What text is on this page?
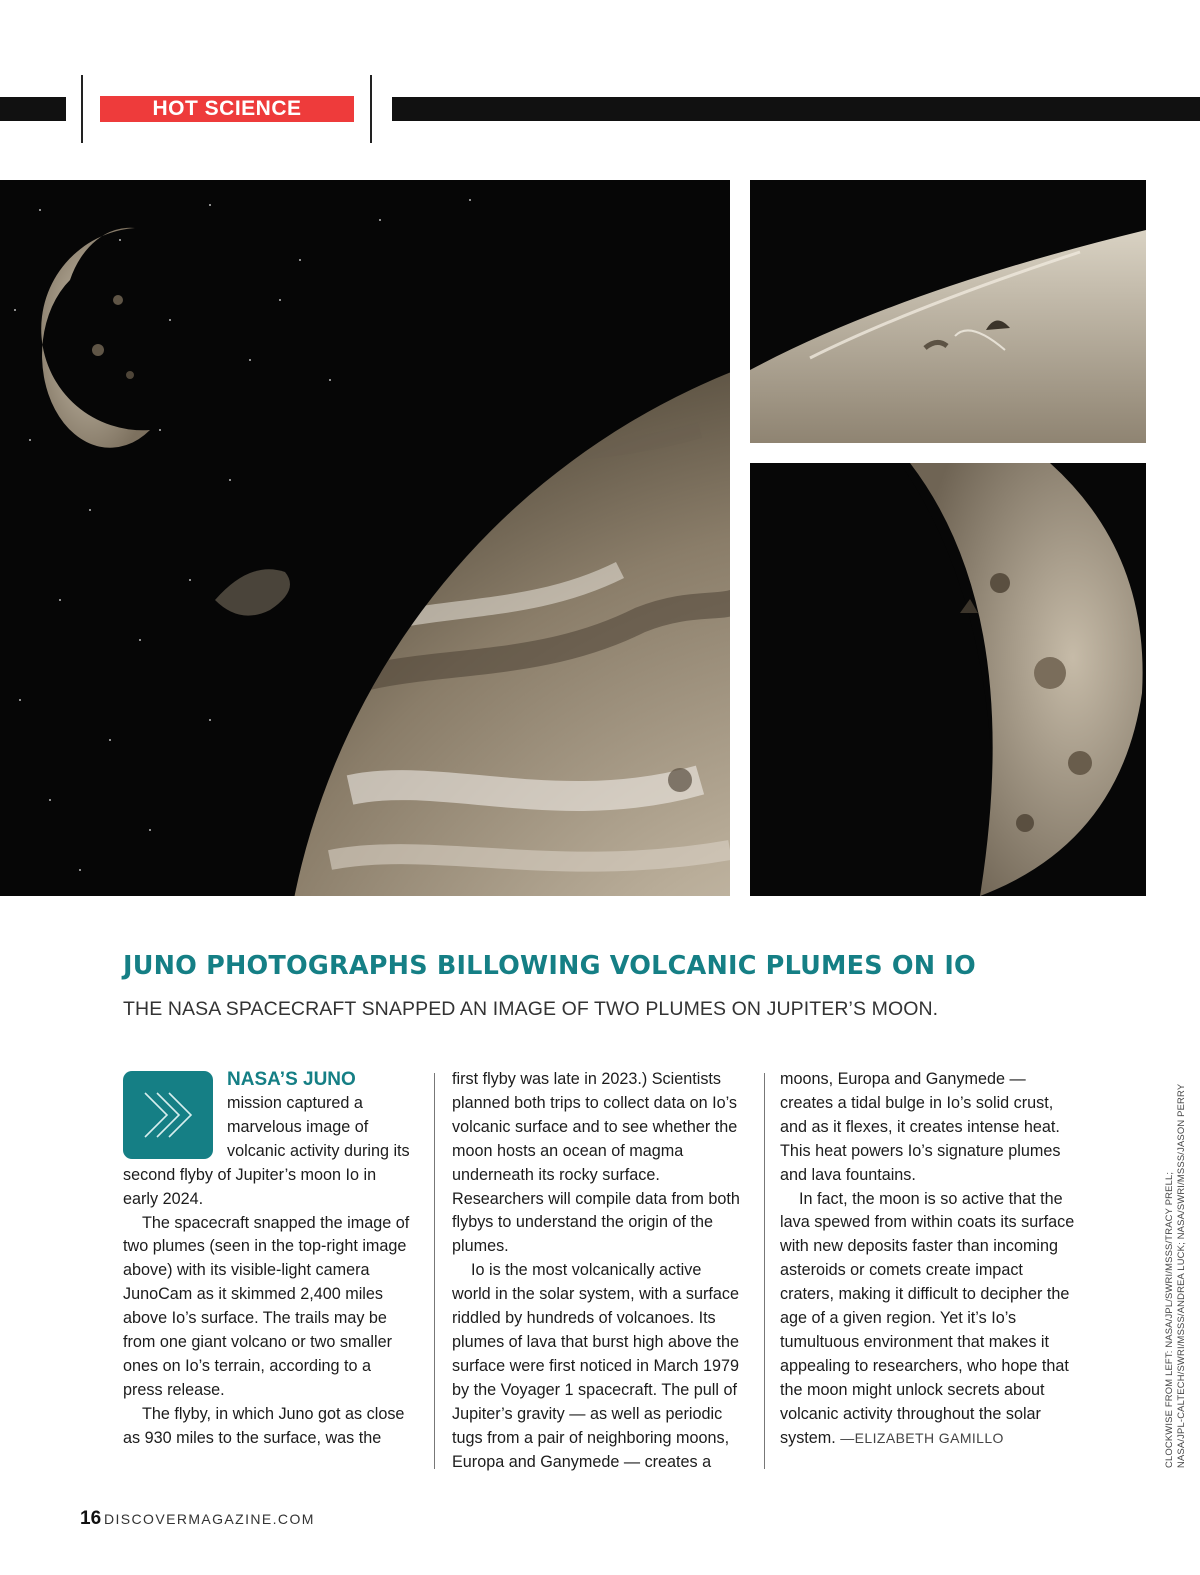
HOT SCIENCE
JUNO PHOTOGRAPHS BILLOWING VOLCANIC PLUMES ON IO

THE NASA SPACECRAFT SNAPPED AN IMAGE OF TWO PLUMES ON JUPITER’S MOON.

NASA’S JUNO
mission captured a marvelous image of volcanic activity during its second flyby of Jupiter’s moon Io in early 2024.

The spacecraft snapped the image of two plumes (seen in the top-right image above) with its visible-light camera JunoCam as it skimmed 2,400 miles above Io’s surface. The trails may be from one giant volcano or two smaller ones on Io’s terrain, according to a press release.

The flyby, in which Juno got as close as 930 miles to the surface, was the

first flyby was late in 2023.) Scientists planned both trips to collect data on Io’s volcanic surface and to see whether the moon hosts an ocean of magma underneath its rocky surface. Researchers will compile data from both flybys to understand the origin of the plumes.

Io is the most volcanically active world in the solar system, with a surface riddled by hundreds of volcanoes. Its plumes of lava that burst high above the surface were first noticed in March 1979 by the Voyager 1 spacecraft. The pull of Jupiter’s gravity — as well as periodic tugs from a pair of neighboring moons, Europa and Ganymede — creates a

moons, Europa and Ganymede — creates a tidal bulge in Io’s solid crust, and as it flexes, it creates intense heat. This heat powers Io’s signature plumes and lava fountains.

In fact, the moon is so active that the lava spewed from within coats its surface with new deposits faster than incoming asteroids or comets create impact craters, making it difficult to decipher the age of a given region. Yet it’s Io’s tumultuous environment that makes it appealing to researchers, who hope that the moon might unlock secrets about volcanic activity throughout the solar system. —ELIZABETH GAMILLO	CLOCKWISE FROM LEFT: NASA/JPL/SWRI/MSSS/TRACY PRELL; NASA/JPL-CALTECH/SWRI/MSSS/ANDREA LUCK; NASA/SWRI/MSSS/JASON PERRY
16 DISCOVERMAGAZINE.COM
